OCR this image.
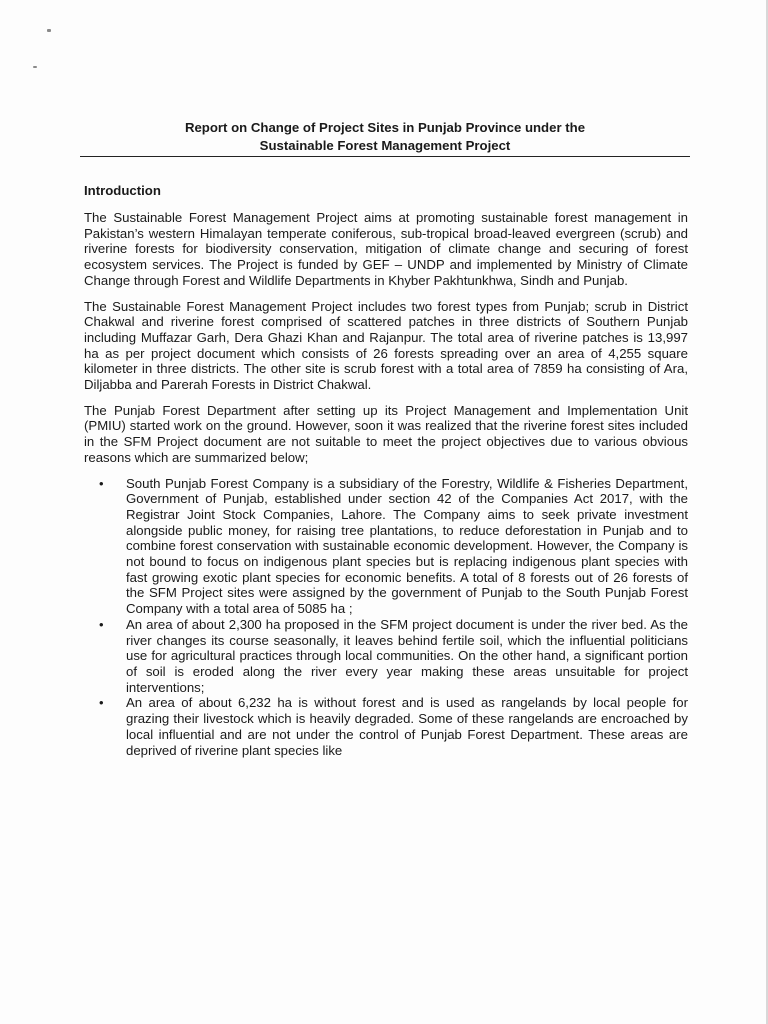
Report on Change of Project Sites in Punjab Province under the
Sustainable Forest Management Project
Introduction

The Sustainable Forest Management Project aims at promoting sustainable forest management in Pakistan’s western Himalayan temperate coniferous, sub-tropical broad-leaved evergreen (scrub) and riverine forests for biodiversity conservation, mitigation of climate change and securing of forest ecosystem services. The Project is funded by GEF – UNDP and implemented by Ministry of Climate Change through Forest and Wildlife Departments in Khyber Pakhtunkhwa, Sindh and Punjab.

The Sustainable Forest Management Project includes two forest types from Punjab; scrub in District Chakwal and riverine forest comprised of scattered patches in three districts of Southern Punjab including Muffazar Garh, Dera Ghazi Khan and Rajanpur. The total area of riverine patches is 13,997 ha as per project document which consists of 26 forests spreading over an area of 4,255 square kilometer in three districts. The other site is scrub forest with a total area of 7859 ha consisting of Ara, Diljabba and Parerah Forests in District Chakwal.

The Punjab Forest Department after setting up its Project Management and Implementation Unit (PMIU) started work on the ground. However, soon it was realized that the riverine forest sites included in the SFM Project document are not suitable to meet the project objectives due to various obvious reasons which are summarized below;

• South Punjab Forest Company is a subsidiary of the Forestry, Wildlife & Fisheries Department, Government of Punjab, established under section 42 of the Companies Act 2017, with the Registrar Joint Stock Companies, Lahore. The Company aims to seek private investment alongside public money, for raising tree plantations, to reduce deforestation in Punjab and to combine forest conservation with sustainable economic development. However, the Company is not bound to focus on indigenous plant species but is replacing indigenous plant species with fast growing exotic plant species for economic benefits. A total of 8 forests out of 26 forests of the SFM Project sites were assigned by the government of Punjab to the South Punjab Forest Company with a total area of 5085 ha ;
• An area of about 2,300 ha proposed in the SFM project document is under the river bed. As the river changes its course seasonally, it leaves behind fertile soil, which the influential politicians use for agricultural practices through local communities. On the other hand, a significant portion of soil is eroded along the river every year making these areas unsuitable for project interventions;
• An area of about 6,232 ha is without forest and is used as rangelands by local people for grazing their livestock which is heavily degraded. Some of these rangelands are encroached by local influential and are not under the control of Punjab Forest Department. These areas are deprived of riverine plant species like
